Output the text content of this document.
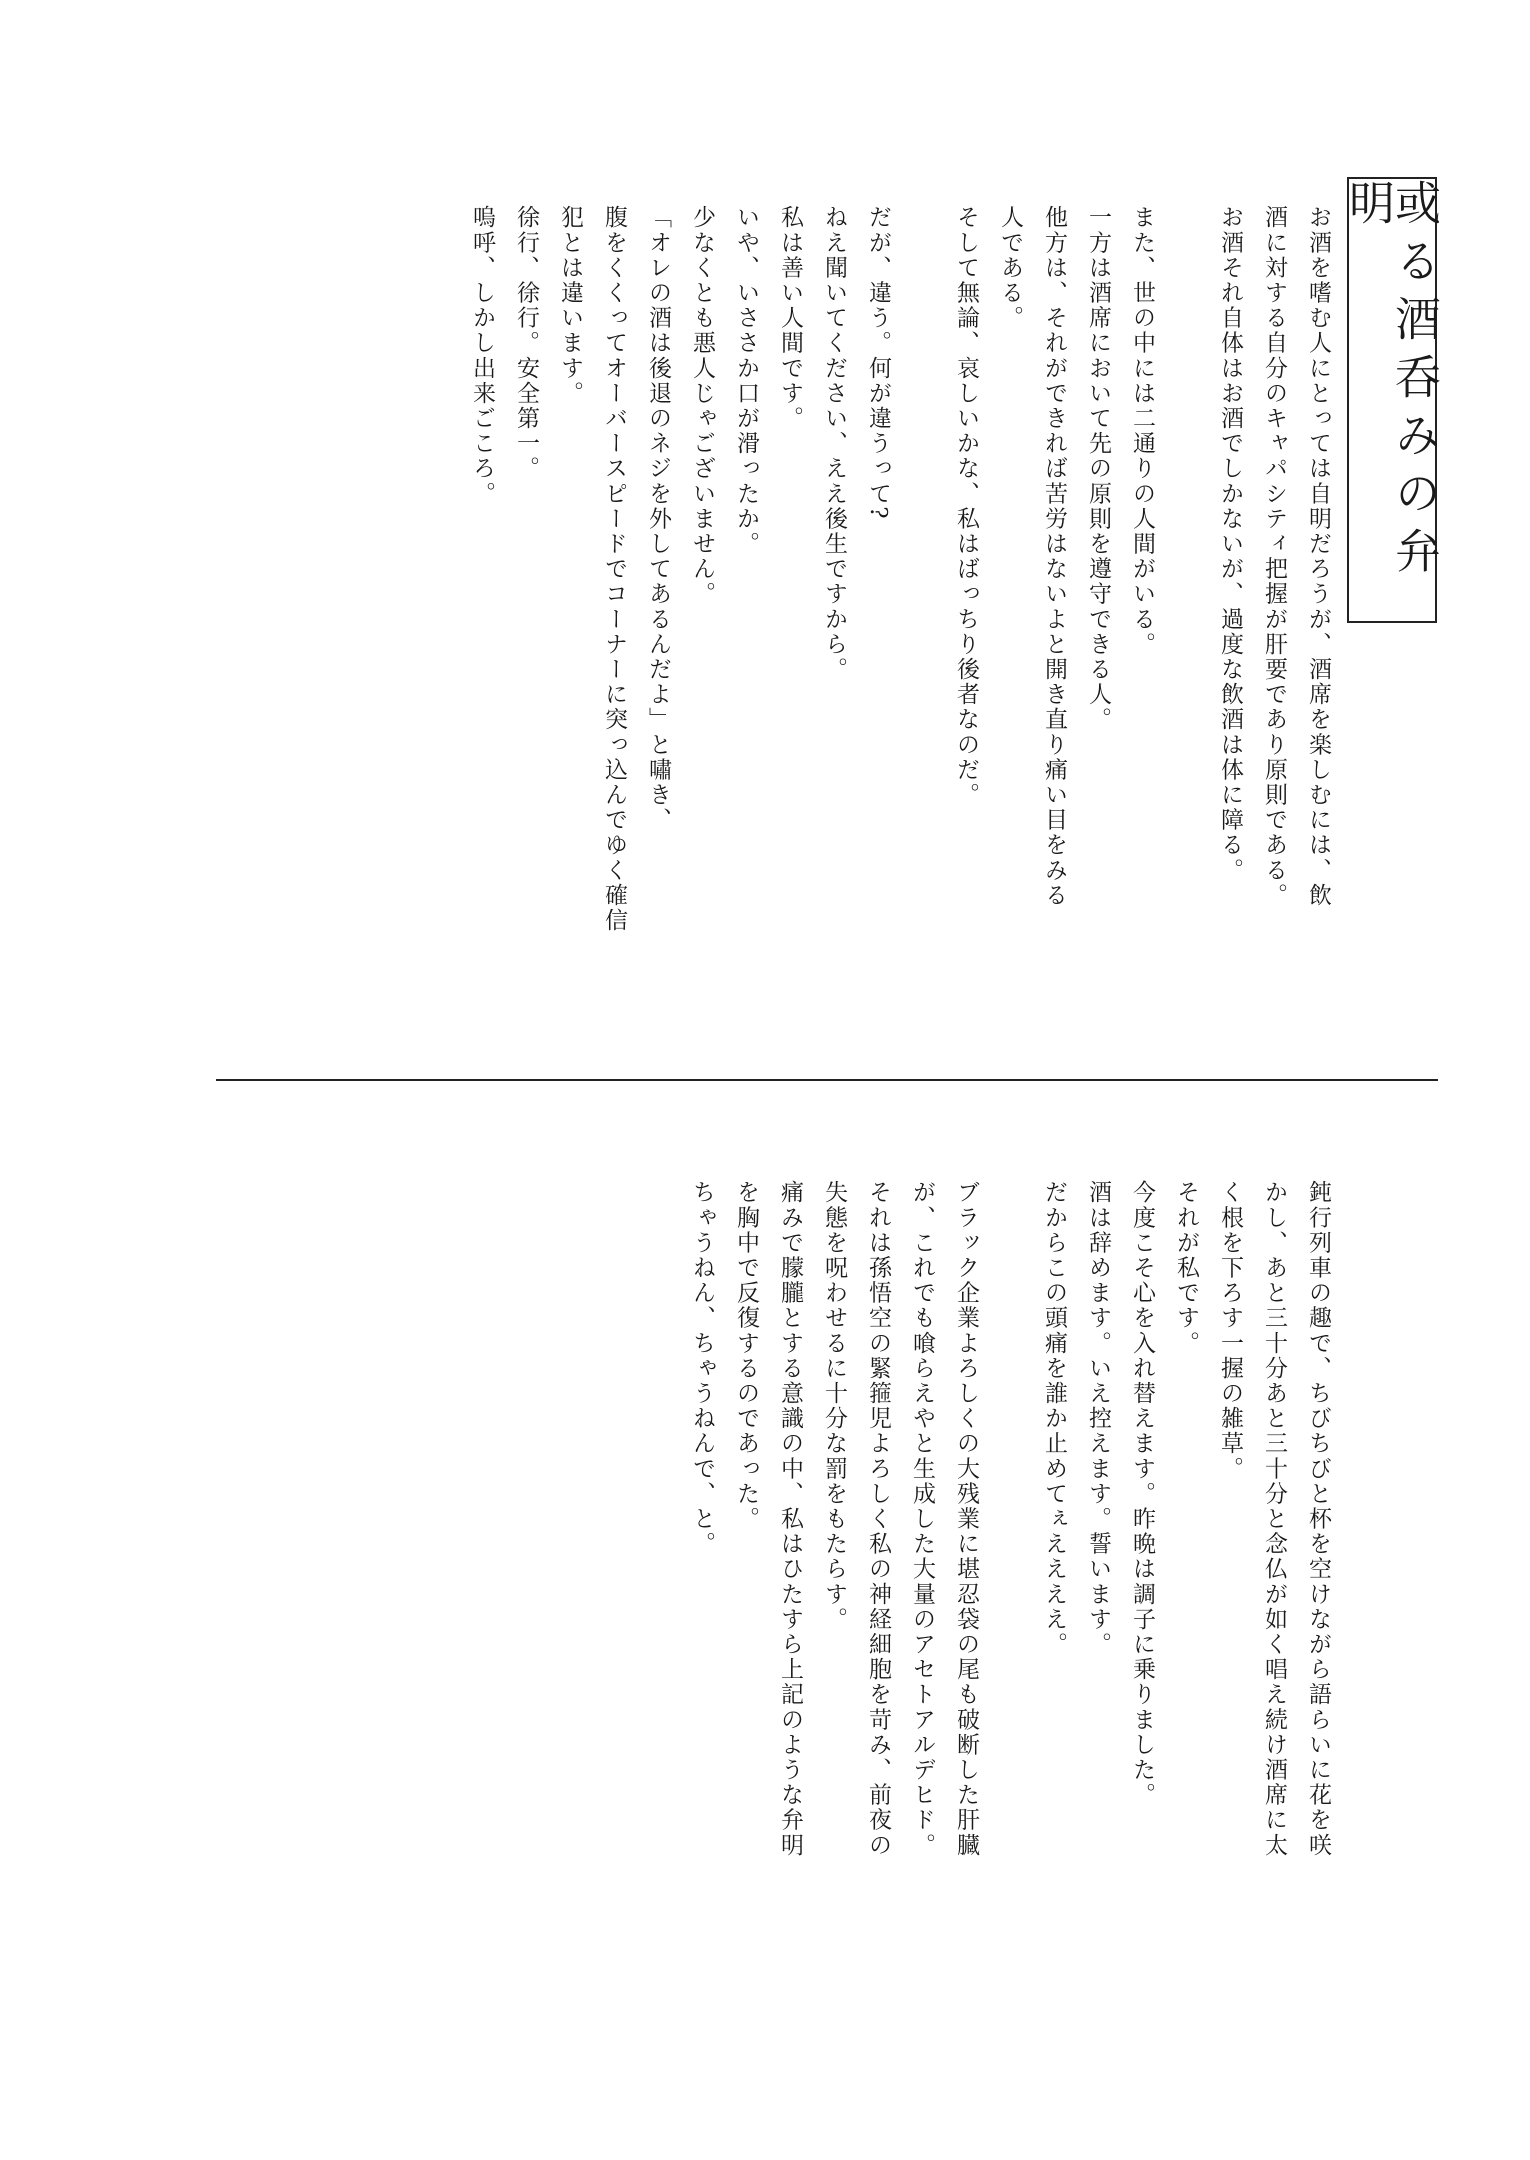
或る酒呑みの弁明
お酒を嗜む人にとっては自明だろうが、酒席を楽しむには、飲
酒に対する自分のキャパシティ把握が肝要であり原則である。
お酒それ自体はお酒でしかないが、過度な飲酒は体に障る。
また、世の中には二通りの人間がいる。
一方は酒席において先の原則を遵守できる人。
他方は、それができれば苦労はないよと開き直り痛い目をみる
人である。
そして無論、哀しいかな、私はばっちり後者なのだ。
だが、違う。何が違うって?
ねえ聞いてください、ええ後生ですから。
私は善い人間です。
いや、いささか口が滑ったか。
少なくとも悪人じゃございません。
「オレの酒は後退のネジを外してあるんだよ」と嘯き、
腹をくくってオーバースピードでコーナーに突っ込んでゆく確信
犯とは違います。
徐行、徐行。安全第一。
嗚呼、しかし出来ごころ。
鈍行列車の趣で、ちびちびと杯を空けながら語らいに花を咲
かし、あと三十分あと三十分と念仏が如く唱え続け酒席に太
く根を下ろす一握の雑草。
それが私です。
今度こそ心を入れ替えます。昨晩は調子に乗りました。
酒は辞めます。いえ控えます。誓います。
だからこの頭痛を誰か止めてぇええええ。
ブラック企業よろしくの大残業に堪忍袋の尾も破断した肝臓
が、これでも喰らえやと生成した大量のアセトアルデヒド。
それは孫悟空の緊箍児よろしく私の神経細胞を苛み、前夜の
失態を呪わせるに十分な罰をもたらす。
痛みで朦朧とする意識の中、私はひたすら上記のような弁明
を胸中で反復するのであった。
ちゃうねん、ちゃうねんで、と。
